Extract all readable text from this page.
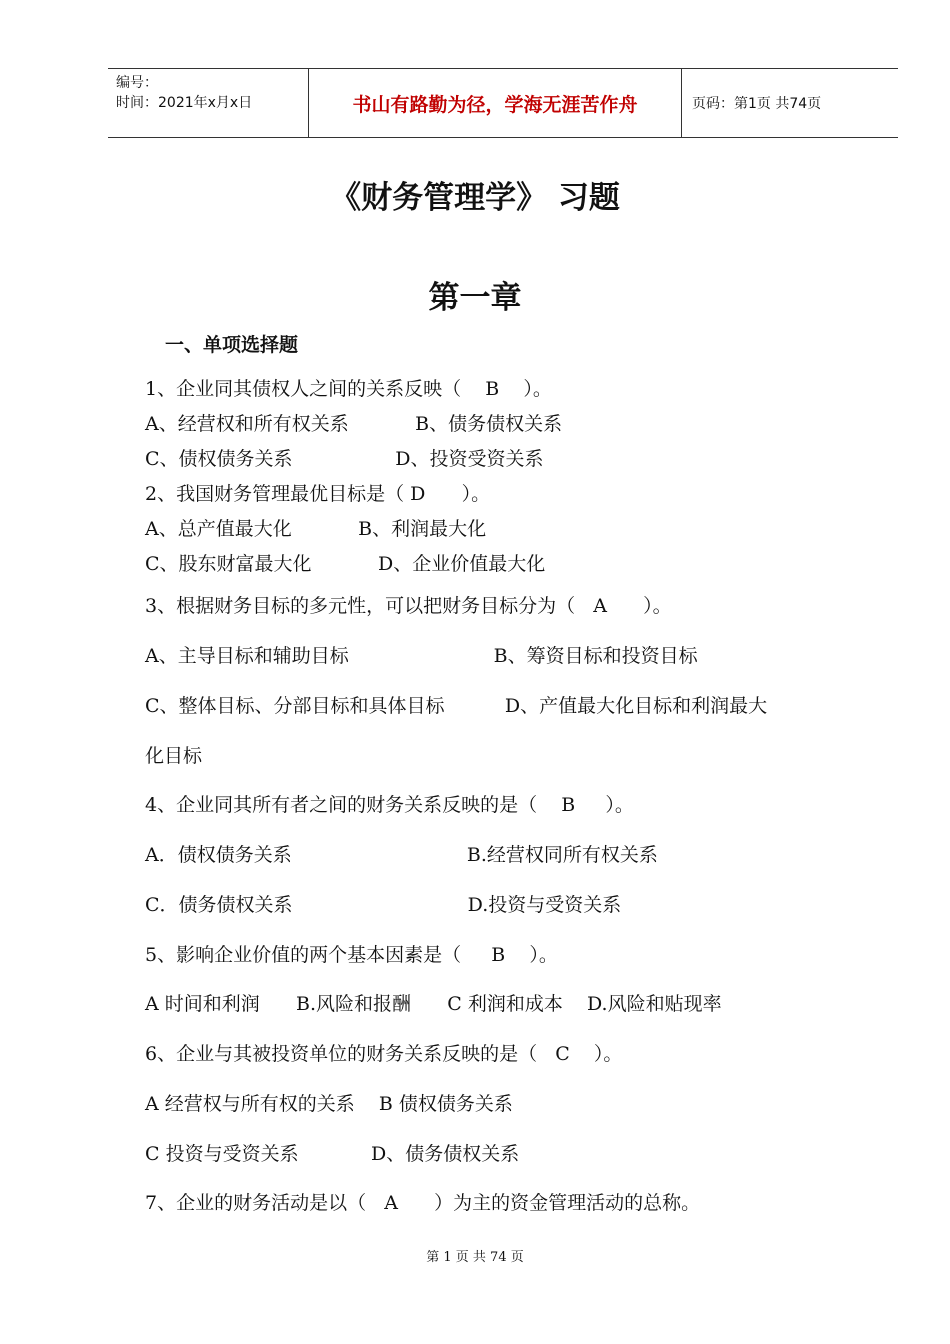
编号：
时间：2021年x月x日	书山有路勤为径，学海无涯苦作舟	页码：第1页 共74页
《财务管理学》 习题
第一章
一、单项选择题
1、企业同其债权人之间的关系反映（    B    ）。
A、经营权和所有权关系           B、债务债权关系
C、债权债务关系                 D、投资受资关系
2、我国财务管理最优目标是（ D      ）。
A、总产值最大化           B、利润最大化
C、股东财富最大化           D、企业价值最大化
3、根据财务目标的多元性，可以把财务目标分为（   A      ）。
A、主导目标和辅助目标                        B、筹资目标和投资目标
C、整体目标、分部目标和具体目标          D、产值最大化目标和利润最大
化目标
4、企业同其所有者之间的财务关系反映的是（    B     ）。
A．债权债务关系                             B.经营权同所有权关系
C．债务债权关系                             D.投资与受资关系
5、影响企业价值的两个基本因素是（     B    ）。
A 时间和利润      B.风险和报酬      C 利润和成本    D.风险和贴现率
6、企业与其被投资单位的财务关系反映的是（   C    ）。
A 经营权与所有权的关系    B 债权债务关系
C 投资与受资关系            D、债务债权关系
7、企业的财务活动是以（   A      ）为主的资金管理活动的总称。
第 1 页 共 74 页
